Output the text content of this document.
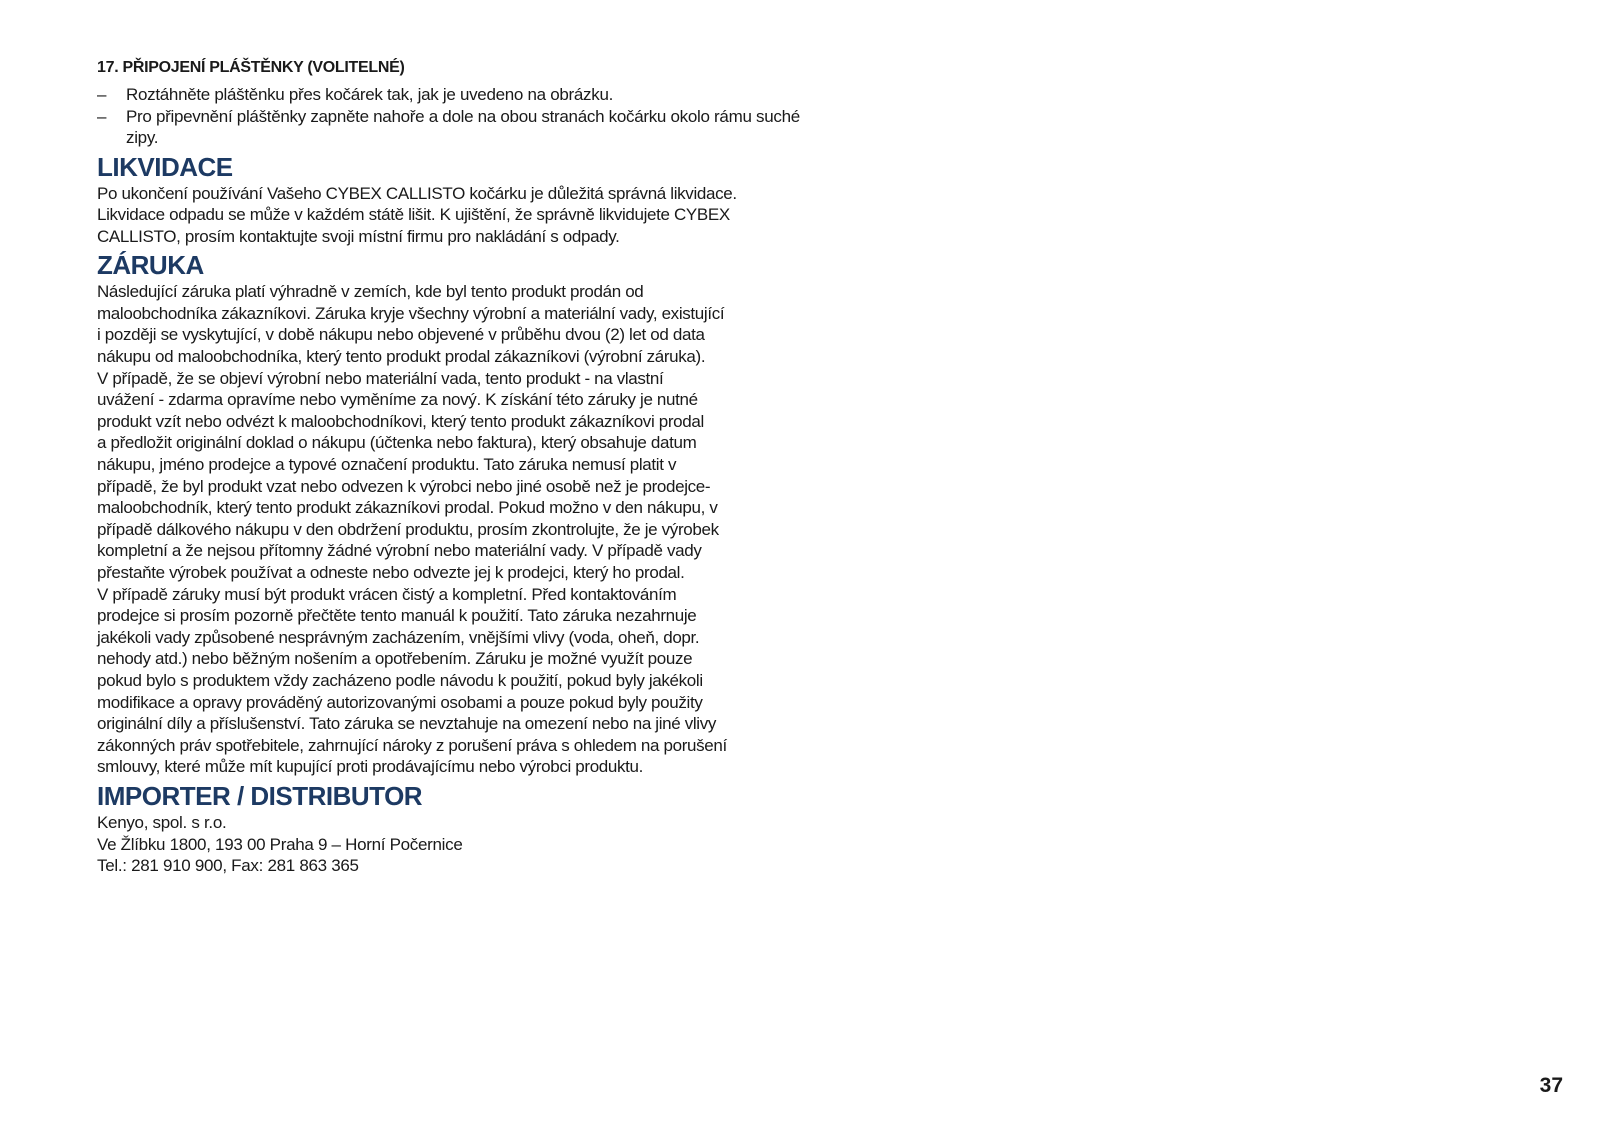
17. PŘIPOJENÍ PLÁŠTĚNKY (VOLITELNÉ)
– Roztáhněte pláštěnku přes kočárek tak, jak je uvedeno na obrázku.
– Pro připevnění pláštěnky zapněte nahoře a dole na obou stranách kočárku okolo rámu suché zipy.
LIKVIDACE

Po ukončení používání Vašeho CYBEX CALLISTO kočárku je důležitá správná likvidace.
Likvidace odpadu se může v každém státě lišit. K ujištění, že správně likvidujete CYBEX
CALLISTO, prosím kontaktujte svoji místní firmu pro nakládání s odpady.

ZÁRUKA

Následující záruka platí výhradně v zemích, kde byl tento produkt prodán od
maloobchodníka zákazníkovi. Záruka kryje všechny výrobní a materiální vady, existující
i později se vyskytující, v době nákupu nebo objevené v průběhu dvou (2) let od data
nákupu od maloobchodníka, který tento produkt prodal zákazníkovi (výrobní záruka).
V případě, že se objeví výrobní nebo materiální vada, tento produkt - na vlastní
uvážení - zdarma opravíme nebo vyměníme za nový. K získání této záruky je nutné
produkt vzít nebo odvézt k maloobchodníkovi, který tento produkt zákazníkovi prodal
a předložit originální doklad o nákupu (účtenka nebo faktura), který obsahuje datum
nákupu, jméno prodejce a typové označení produktu. Tato záruka nemusí platit v
případě, že byl produkt vzat nebo odvezen k výrobci nebo jiné osobě než je prodejce-
maloobchodník, který tento produkt zákazníkovi prodal. Pokud možno v den nákupu, v
případě dálkového nákupu v den obdržení produktu, prosím zkontrolujte, že je výrobek
kompletní a že nejsou přítomny žádné výrobní nebo materiální vady. V případě vady
přestaňte výrobek používat a odneste nebo odvezte jej k prodejci, který ho prodal.
V případě záruky musí být produkt vrácen čistý a kompletní. Před kontaktováním
prodejce si prosím pozorně přečtěte tento manuál k použití. Tato záruka nezahrnuje
jakékoli vady způsobené nesprávným zacházením, vnějšími vlivy (voda, oheň, dopr.
nehody atd.) nebo běžným nošením a opotřebením. Záruku je možné využít pouze
pokud bylo s produktem vždy zacházeno podle návodu k použití, pokud byly jakékoli
modifikace a opravy prováděný autorizovanými osobami a pouze pokud byly použity
originální díly a příslušenství. Tato záruka se nevztahuje na omezení nebo na jiné vlivy
zákonných práv spotřebitele, zahrnující nároky z porušení práva s ohledem na porušení
smlouvy, které může mít kupující proti prodávajícímu nebo výrobci produktu.

IMPORTER / DISTRIBUTOR
Kenyo, spol. s r.o.
Ve Žlíbku 1800, 193 00 Praha 9 – Horní Počernice
Tel.: 281 910 900, Fax: 281 863 365
37
